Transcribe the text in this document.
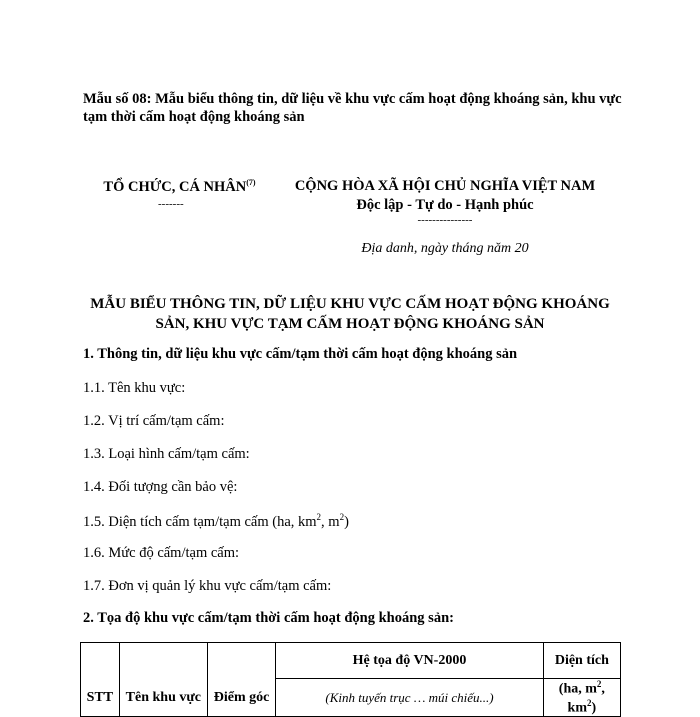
Mẫu số 08: Mẫu biểu thông tin, dữ liệu về khu vực cấm hoạt động khoáng sản, khu vực tạm thời cấm hoạt động khoáng sản
TỔ CHỨC, CÁ NHÂN$^{(7)}$
-------
CỘNG HÒA XÃ HỘI CHỦ NGHĨA VIỆT NAM
Độc lập - Tự do - Hạnh phúc
---------------
Địa danh, ngày tháng năm 20
MẪU BIỂU THÔNG TIN, DỮ LIỆU KHU VỰC CẤM HOẠT ĐỘNG KHOÁNG
SẢN, KHU VỰC TẠM CẤM HOẠT ĐỘNG KHOÁNG SẢN
1. Thông tin, dữ liệu khu vực cấm/tạm thời cấm hoạt động khoáng sản
1.1. Tên khu vực:
1.2. Vị trí cấm/tạm cấm:
1.3. Loại hình cấm/tạm cấm:
1.4. Đối tượng cần bảo vệ:
1.5. Diện tích cấm tạm/tạm cấm (ha, $km^2$, $m^2$)
1.6. Mức độ cấm/tạm cấm:
1.7. Đơn vị quản lý khu vực cấm/tạm cấm:
2. Tọa độ khu vực cấm/tạm thời cấm hoạt động khoáng sản:
STT	Tên khu vực	Điểm góc	Hệ tọa độ VN-2000	Diện tích
			(Kinh tuyến trục … múi chiếu...)	(ha, $m^2$, $km^2$)
